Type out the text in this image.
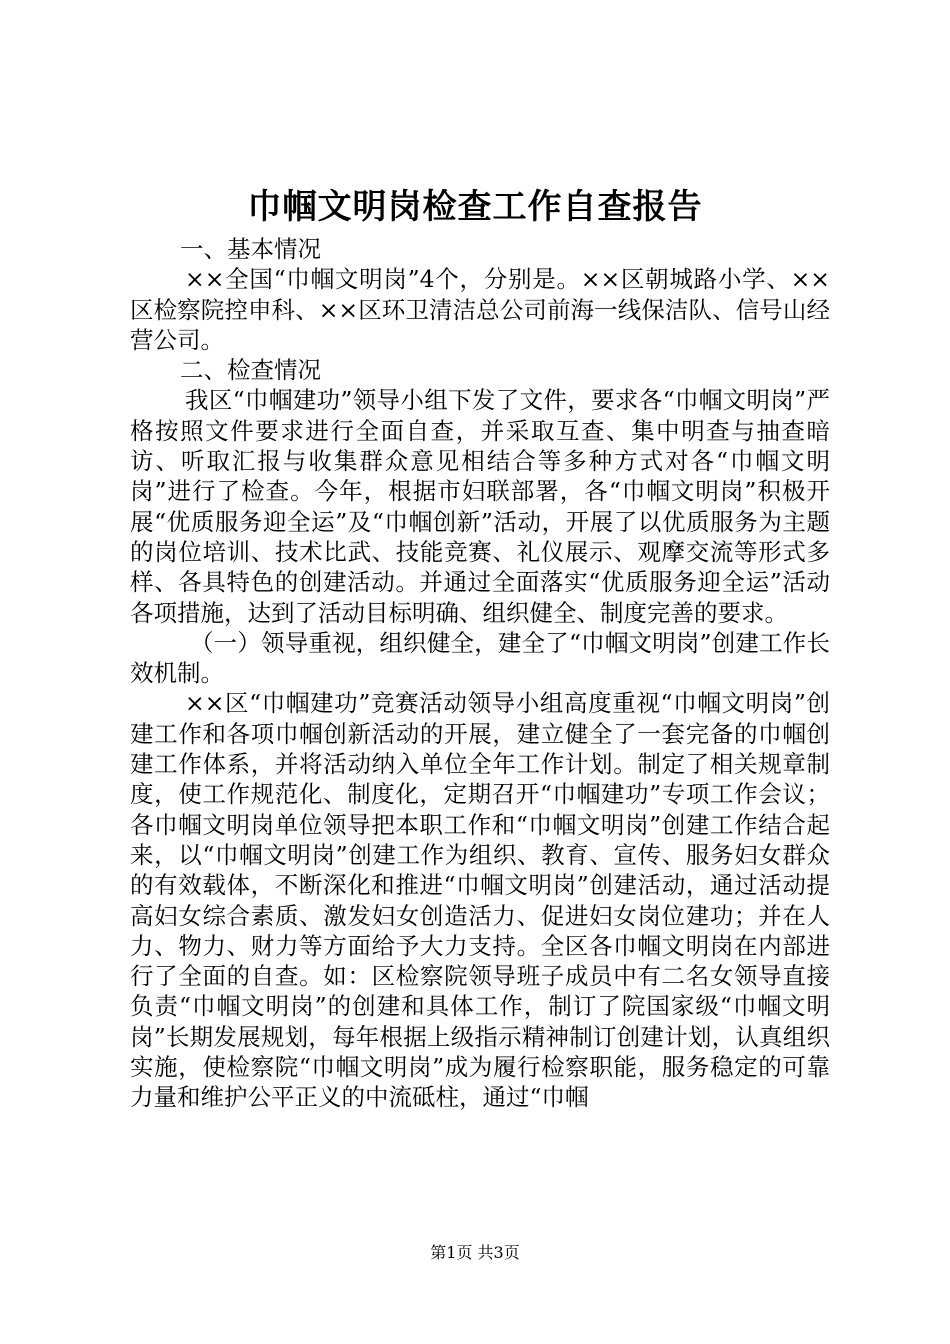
巾帼文明岗检查工作自查报告

一、基本情况

××全国“巾帼文明岗”4个，分别是。××区朝城路小学、××区检察院控申科、××区环卫清洁总公司前海一线保洁队、信号山经营公司。

二、检查情况

我区“巾帼建功”领导小组下发了文件，要求各“巾帼文明岗”严格按照文件要求进行全面自查，并采取互查、集中明查与抽查暗访、听取汇报与收集群众意见相结合等多种方式对各“巾帼文明岗”进行了检查。今年，根据市妇联部署，各“巾帼文明岗”积极开展“优质服务迎全运”及“巾帼创新”活动，开展了以优质服务为主题的岗位培训、技术比武、技能竞赛、礼仪展示、观摩交流等形式多样、各具特色的创建活动。并通过全面落实“优质服务迎全运”活动各项措施，达到了活动目标明确、组织健全、制度完善的要求。

（一）领导重视，组织健全，建全了“巾帼文明岗”创建工作长效机制。

××区“巾帼建功”竞赛活动领导小组高度重视“巾帼文明岗”创建工作和各项巾帼创新活动的开展，建立健全了一套完备的巾帼创建工作体系，并将活动纳入单位全年工作计划。制定了相关规章制度，使工作规范化、制度化，定期召开“巾帼建功”专项工作会议；各巾帼文明岗单位领导把本职工作和“巾帼文明岗”创建工作结合起来，以“巾帼文明岗”创建工作为组织、教育、宣传、服务妇女群众的有效载体，不断深化和推进“巾帼文明岗”创建活动，通过活动提高妇女综合素质、激发妇女创造活力、促进妇女岗位建功；并在人力、物力、财力等方面给予大力支持。全区各巾帼文明岗在内部进行了全面的自查。如：区检察院领导班子成员中有二名女领导直接负责“巾帼文明岗”的创建和具体工作，制订了院国家级“巾帼文明岗”长期发展规划，每年根据上级指示精神制订创建计划，认真组织实施，使检察院“巾帼文明岗”成为履行检察职能，服务稳定的可靠力量和维护公平正义的中流砥柱，通过“巾帼

第1页 共3页
